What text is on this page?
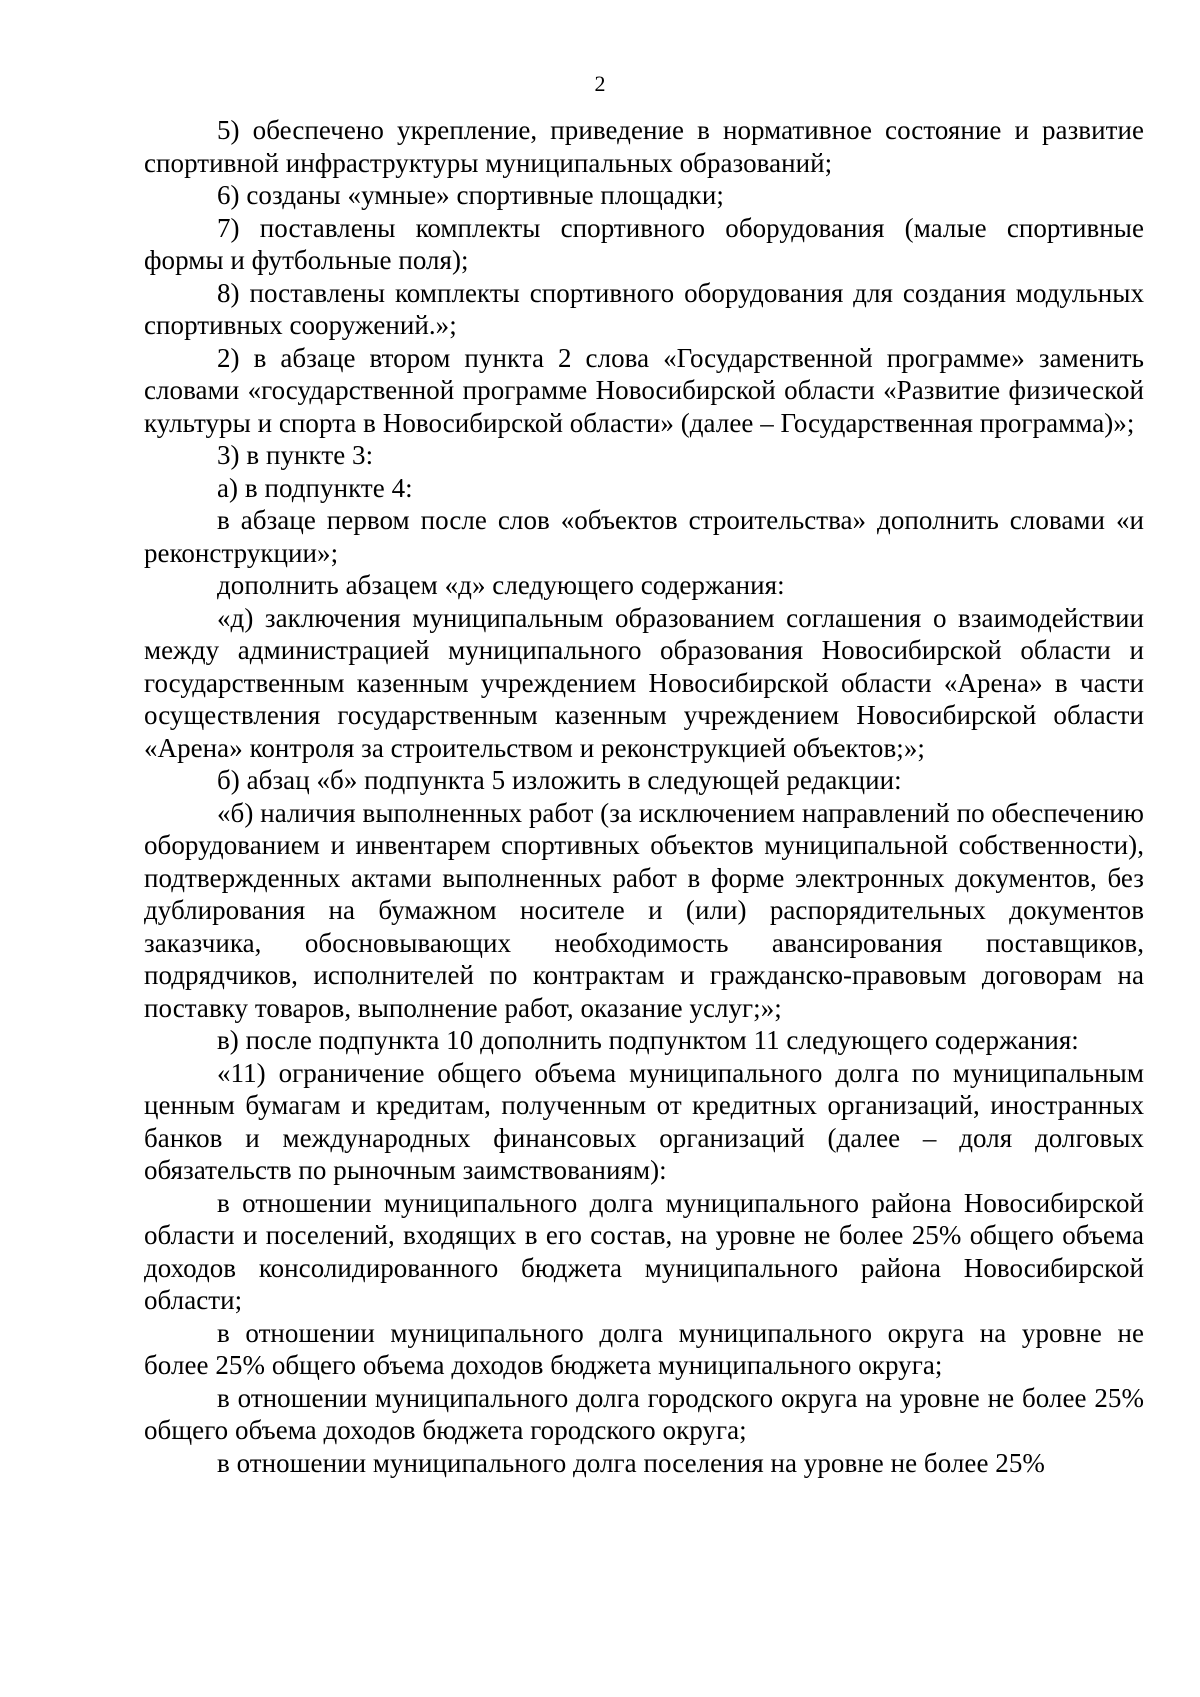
2

5) обеспечено укрепление, приведение в нормативное состояние и развитие спортивной инфраструктуры муниципальных образований;

6) созданы «умные» спортивные площадки;

7) поставлены комплекты спортивного оборудования (малые спортивные формы и футбольные поля);

8) поставлены комплекты спортивного оборудования для создания модульных спортивных сооружений.»;

2) в абзаце втором пункта 2 слова «Государственной программе» заменить словами «государственной программе Новосибирской области «Развитие физической культуры и спорта в Новосибирской области» (далее – Государственная программа)»;

3) в пункте 3:

а) в подпункте 4:

в абзаце первом после слов «объектов строительства» дополнить словами «и реконструкции»;

дополнить абзацем «д» следующего содержания:

«д) заключения муниципальным образованием соглашения о взаимодействии между администрацией муниципального образования Новосибирской области и государственным казенным учреждением Новосибирской области «Арена» в части осуществления государственным казенным учреждением Новосибирской области «Арена» контроля за строительством и реконструкцией объектов;»;

б) абзац «б» подпункта 5 изложить в следующей редакции:

«б) наличия выполненных работ (за исключением направлений по обеспечению оборудованием и инвентарем спортивных объектов муниципальной собственности), подтвержденных актами выполненных работ в форме электронных документов, без дублирования на бумажном носителе и (или) распорядительных документов заказчика, обосновывающих необходимость авансирования поставщиков, подрядчиков, исполнителей по контрактам и гражданско-правовым договорам на поставку товаров, выполнение работ, оказание услуг;»;

в) после подпункта 10 дополнить подпунктом 11 следующего содержания:

«11) ограничение общего объема муниципального долга по муниципальным ценным бумагам и кредитам, полученным от кредитных организаций, иностранных банков и международных финансовых организаций (далее – доля долговых обязательств по рыночным заимствованиям):

в отношении муниципального долга муниципального района Новосибирской области и поселений, входящих в его состав, на уровне не более 25% общего объема доходов консолидированного бюджета муниципального района Новосибирской области;

в отношении муниципального долга муниципального округа на уровне не более 25% общего объема доходов бюджета муниципального округа;

в отношении муниципального долга городского округа на уровне не более 25% общего объема доходов бюджета городского округа;

в отношении муниципального долга поселения на уровне не более 25%
